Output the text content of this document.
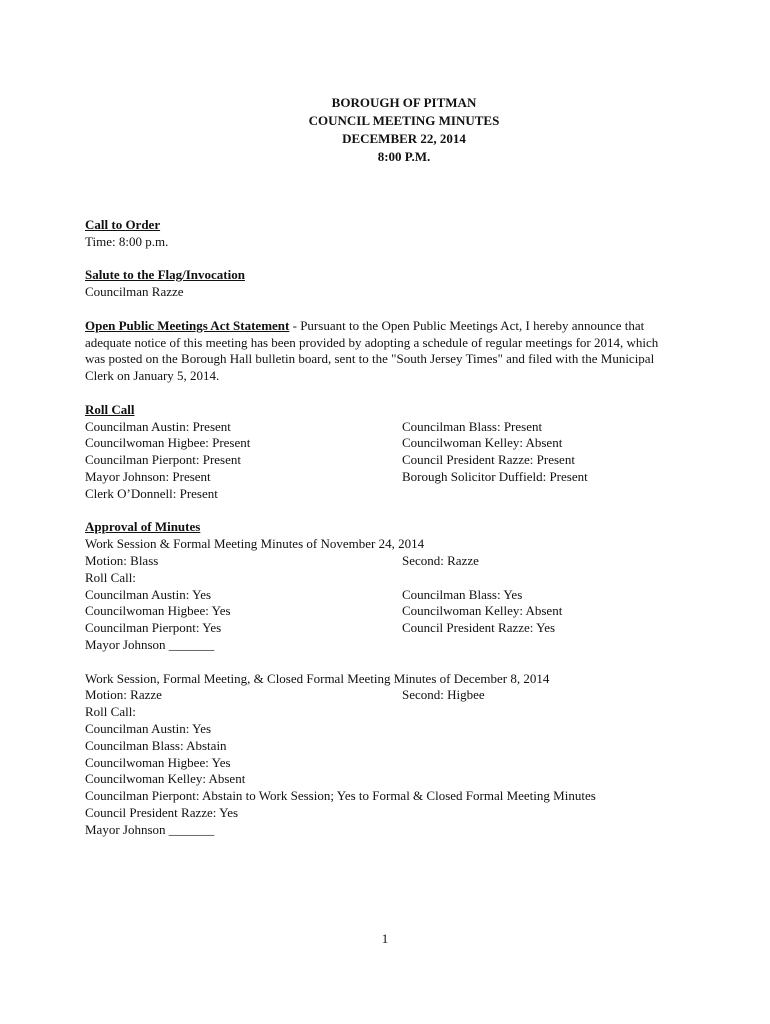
BOROUGH OF PITMAN
COUNCIL MEETING MINUTES
DECEMBER 22, 2014
8:00 P.M.
Call to Order
Time: 8:00 p.m.
Salute to the Flag/Invocation
Councilman Razze
Open Public Meetings Act Statement - Pursuant to the Open Public Meetings Act, I hereby announce that
adequate notice of this meeting has been provided by adopting a schedule of regular meetings for 2014, which
was posted on the Borough Hall bulletin board, sent to the "South Jersey Times" and filed with the Municipal
Clerk on January 5, 2014.
Roll Call
Councilman Austin: Present	Councilman Blass: Present
Councilwoman Higbee: Present	Councilwoman Kelley: Absent
Councilman Pierpont: Present	Council President Razze: Present
Mayor Johnson: Present	Borough Solicitor Duffield: Present
Clerk O’Donnell: Present
Approval of Minutes
Work Session & Formal Meeting Minutes of November 24, 2014
Motion: Blass	Second: Razze
Roll Call:
Councilman Austin: Yes	Councilman Blass: Yes
Councilwoman Higbee: Yes	Councilwoman Kelley: Absent
Councilman Pierpont: Yes	Council President Razze: Yes
Mayor Johnson _______
Work Session, Formal Meeting, & Closed Formal Meeting Minutes of December 8, 2014
Motion: Razze	Second: Higbee
Roll Call:
Councilman Austin: Yes
Councilman Blass: Abstain
Councilwoman Higbee: Yes
Councilwoman Kelley: Absent
Councilman Pierpont: Abstain to Work Session; Yes to Formal & Closed Formal Meeting Minutes
Council President Razze: Yes
Mayor Johnson _______
1
